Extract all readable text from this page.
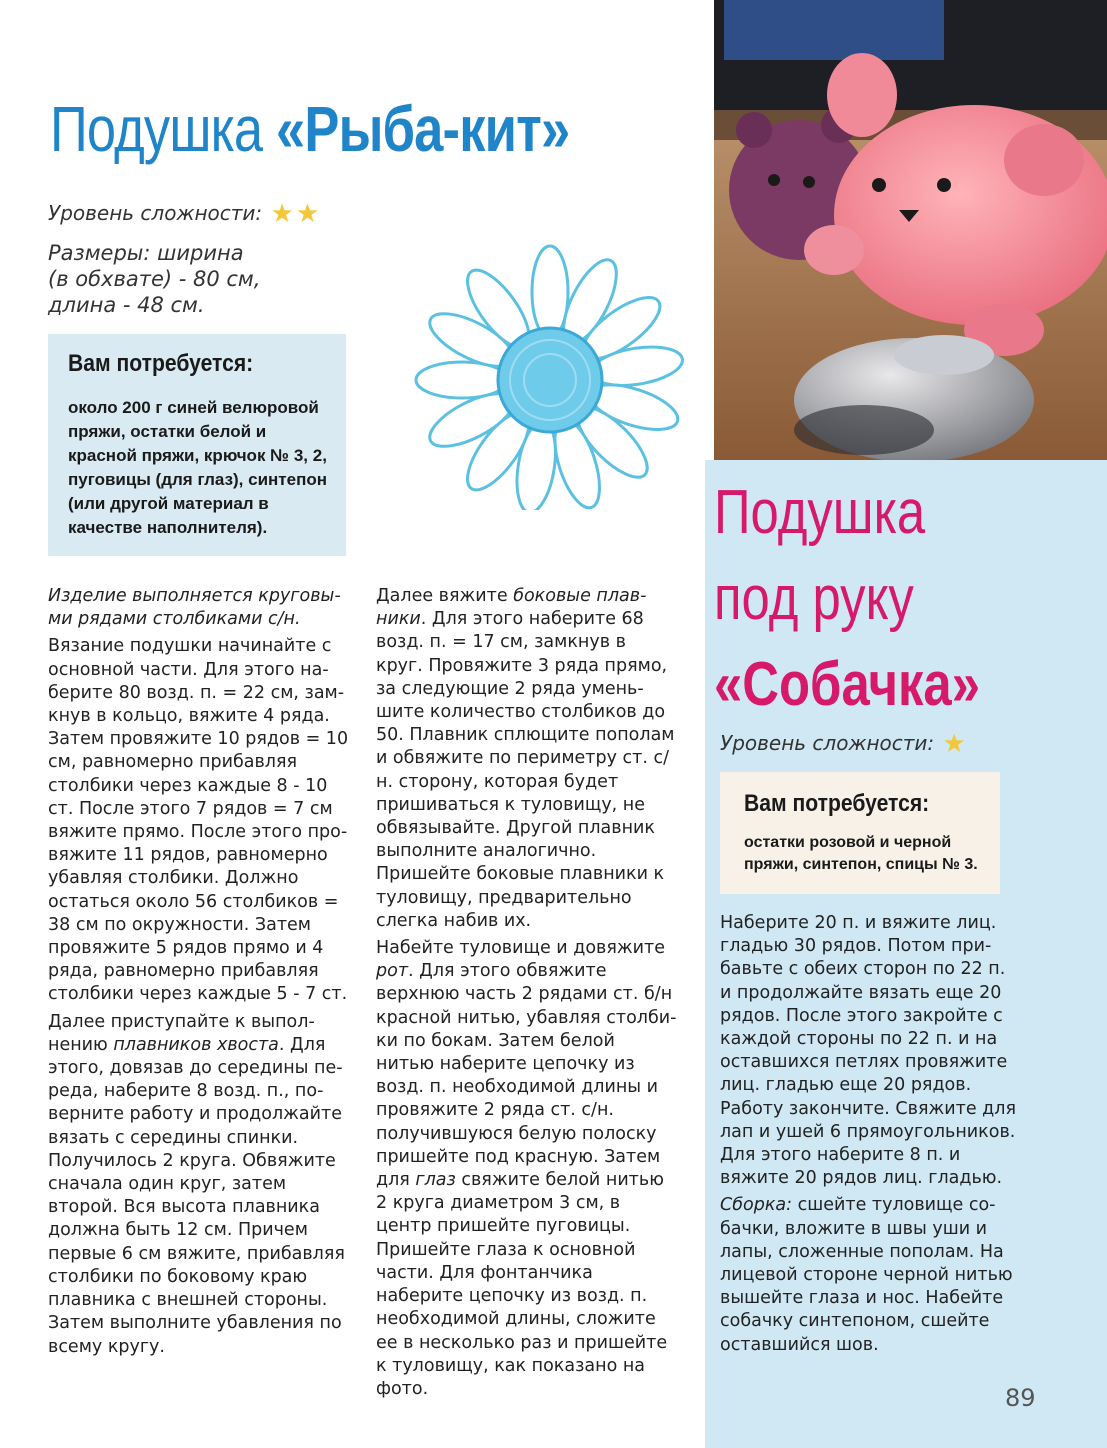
Подушка «Рыба-кит»
Уровень сложности: ★★
Размеры: ширина
(в обхвате) - 80 см,
длина - 48 см.
Вам потребуется:

около 200 г синей велюровой

пряжи, остатки белой и

красной пряжи, крючок № 3, 2,

пуговицы (для глаз), синтепон

(или другой материал в

качестве наполнителя).

Изделие выполняется круговы-
ми рядами столбиками с/н.

Вязание подушки начинайте с основной части. Для этого наберите 80 возд. п. = 22 см, замкнув в кольцо, вяжите 4 ряда. Затем провяжите 10 рядов = 10 см, равномерно прибавляя столбики через каждые 8 - 10 ст. После этого 7 рядов = 7 см вяжите прямо. После этого провяжите 11 рядов, равномерно убавляя столбики. Должно остаться около 56 столбиков = 38 см по окружности. Затем провяжите 5 рядов прямо и 4 ряда, равномерно прибавляя столбики через каждые 5 - 7 ст.

Далее приступайте к выполнению плавников хвоста. Для этого, довязав до середины переда, наберите 8 возд. п., поверните работу и продолжайте вязать с середины спинки. Получилось 2 круга. Обвяжите сначала один круг, затем второй. Вся высота плавника должна быть 12 см. Причем первые 6 см вяжите, прибавляя столбики по боковому краю плавника с внешней стороны. Затем выполните убавления по всему кругу.

Далее вяжите боковые плавники. Для этого наберите 68 возд. п. = 17 см, замкнув в круг. Провяжите 3 ряда прямо, за следующие 2 ряда уменьшите количество столбиков до 50. Плавник сплющите пополам и обвяжите по периметру ст. с/н. сторону, которая будет пришиваться к туловищу, не обвязывайте. Другой плавник выполните аналогично. Пришейте боковые плавники к туловищу, предварительно слегка набив их.

Набейте туловище и довяжите рот. Для этого обвяжите верхнюю часть 2 рядами ст. б/н красной нитью, убавляя столбики по бокам. Затем белой нитью наберите цепочку из возд. п. необходимой длины и провяжите 2 ряда ст. с/н. получившуюся белую полоску пришейте под красную. Затем для глаз свяжите белой нитью 2 круга диаметром 3 см, в центр пришейте пуговицы. Пришейте глаза к основной части. Для фонтанчика наберите цепочку из возд. п. необходимой длины, сложите ее в несколько раз и пришейте к туловищу, как показано на фото.

Подушка
под руку
«Собачка»
Уровень сложности: ★
Вам потребуется:

остатки розовой и черной

пряжи, синтепон, спицы № 3.

Наберите 20 п. и вяжите лиц. гладью 30 рядов. Потом прибавьте с обеих сторон по 22 п. и продолжайте вязать еще 20 рядов. После этого закройте с каждой стороны по 22 п. и на оставшихся петлях провяжите лиц. гладью еще 20 рядов. Работу закончите. Свяжите для лап и ушей 6 прямоугольников. Для этого наберите 8 п. и вяжите 20 рядов лиц. гладью.

Сборка: сшейте туловище собачки, вложите в швы уши и лапы, сложенные пополам. На лицевой стороне черной нитью вышейте глаза и нос. Набейте собачку синтепоном, сшейте оставшийся шов.

89
